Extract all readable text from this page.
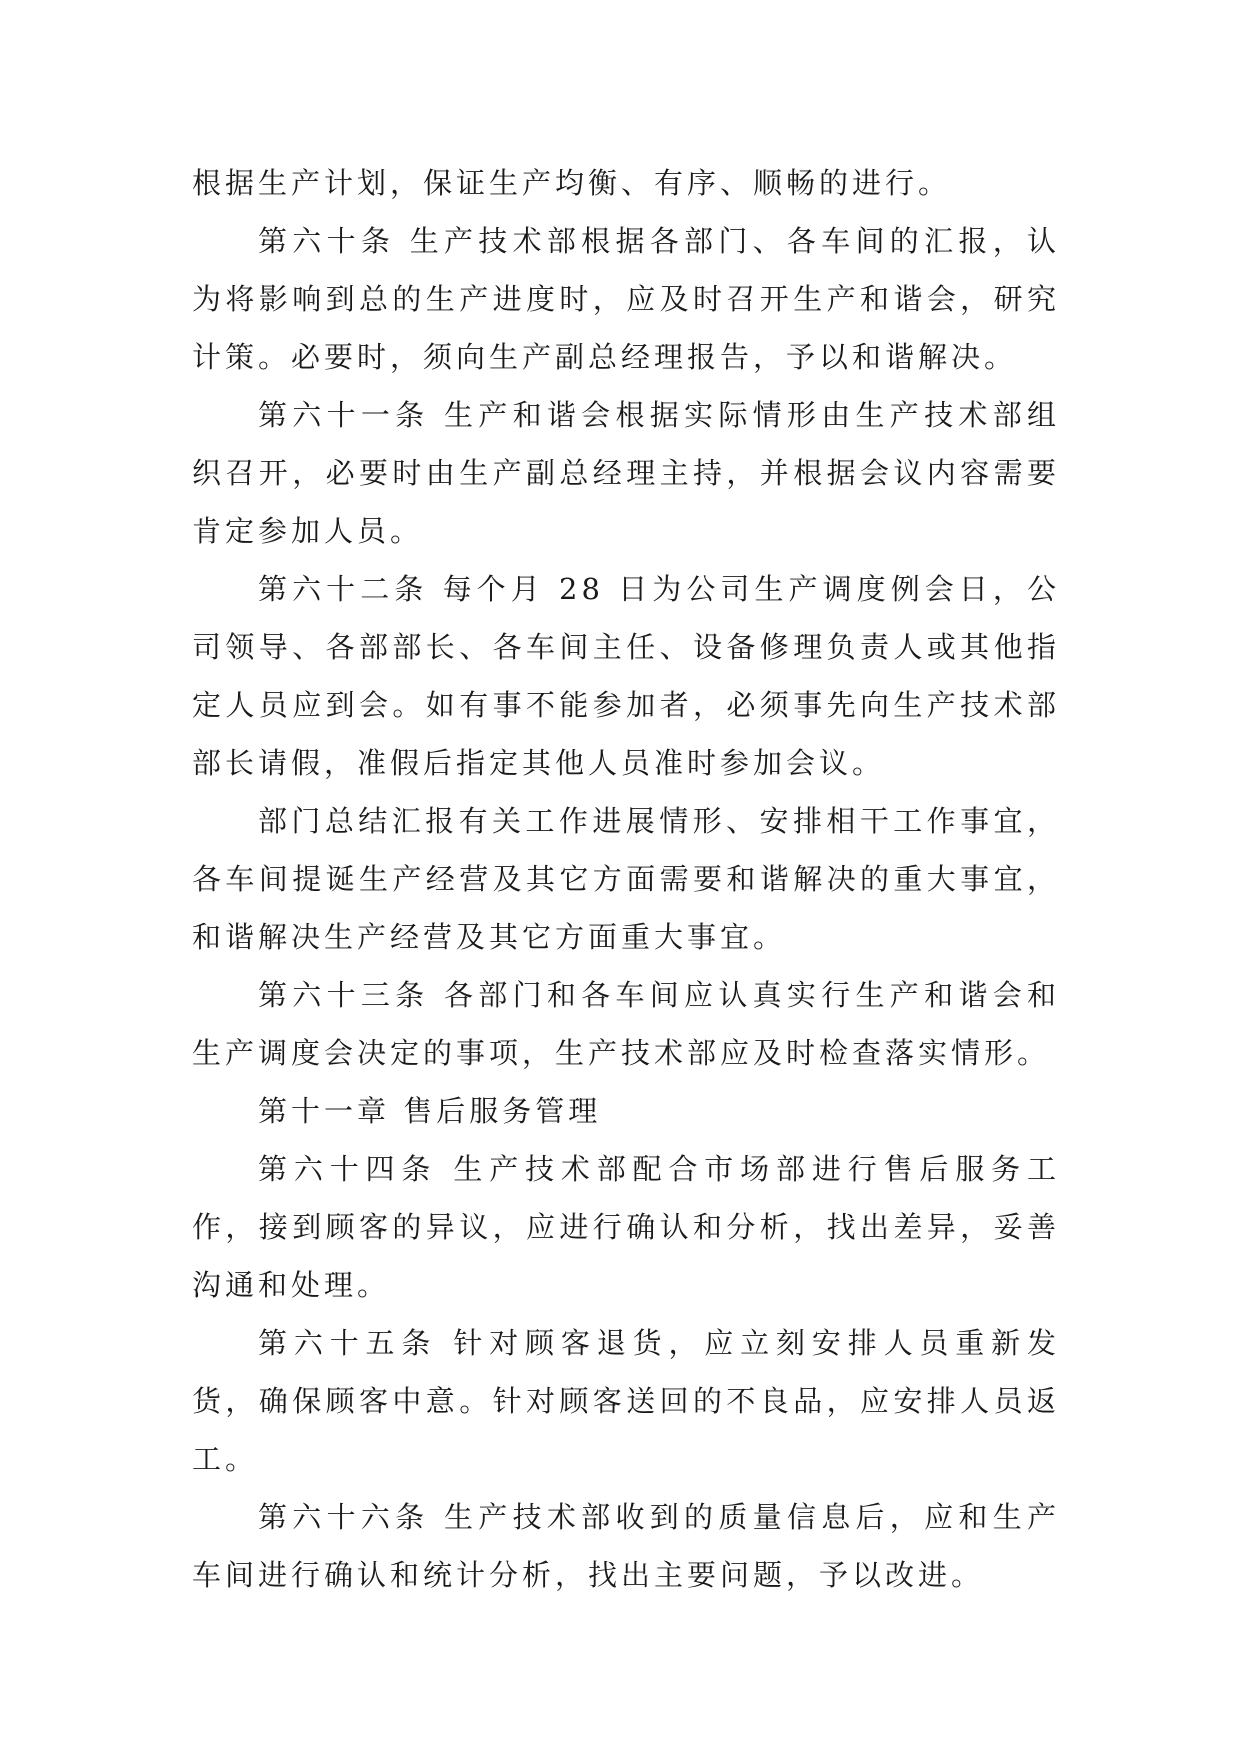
根据生产计划，保证生产均衡、有序、顺畅的进行。

第六十条 生产技术部根据各部门、各车间的汇报，认为将影响到总的生产进度时，应及时召开生产和谐会，研究计策。必要时，须向生产副总经理报告，予以和谐解决。

第六十一条 生产和谐会根据实际情形由生产技术部组织召开，必要时由生产副总经理主持，并根据会议内容需要肯定参加人员。

第六十二条 每个月 28 日为公司生产调度例会日，公司领导、各部部长、各车间主任、设备修理负责人或其他指定人员应到会。如有事不能参加者，必须事先向生产技术部部长请假，准假后指定其他人员准时参加会议。

部门总结汇报有关工作进展情形、安排相干工作事宜，各车间提诞生产经营及其它方面需要和谐解决的重大事宜，和谐解决生产经营及其它方面重大事宜。

第六十三条 各部门和各车间应认真实行生产和谐会和生产调度会决定的事项，生产技术部应及时检查落实情形。

第十一章 售后服务管理

第六十四条 生产技术部配合市场部进行售后服务工作，接到顾客的异议，应进行确认和分析，找出差异，妥善沟通和处理。

第六十五条 针对顾客退货，应立刻安排人员重新发货，确保顾客中意。针对顾客送回的不良品，应安排人员返工。

第六十六条 生产技术部收到的质量信息后，应和生产车间进行确认和统计分析，找出主要问题，予以改进。
